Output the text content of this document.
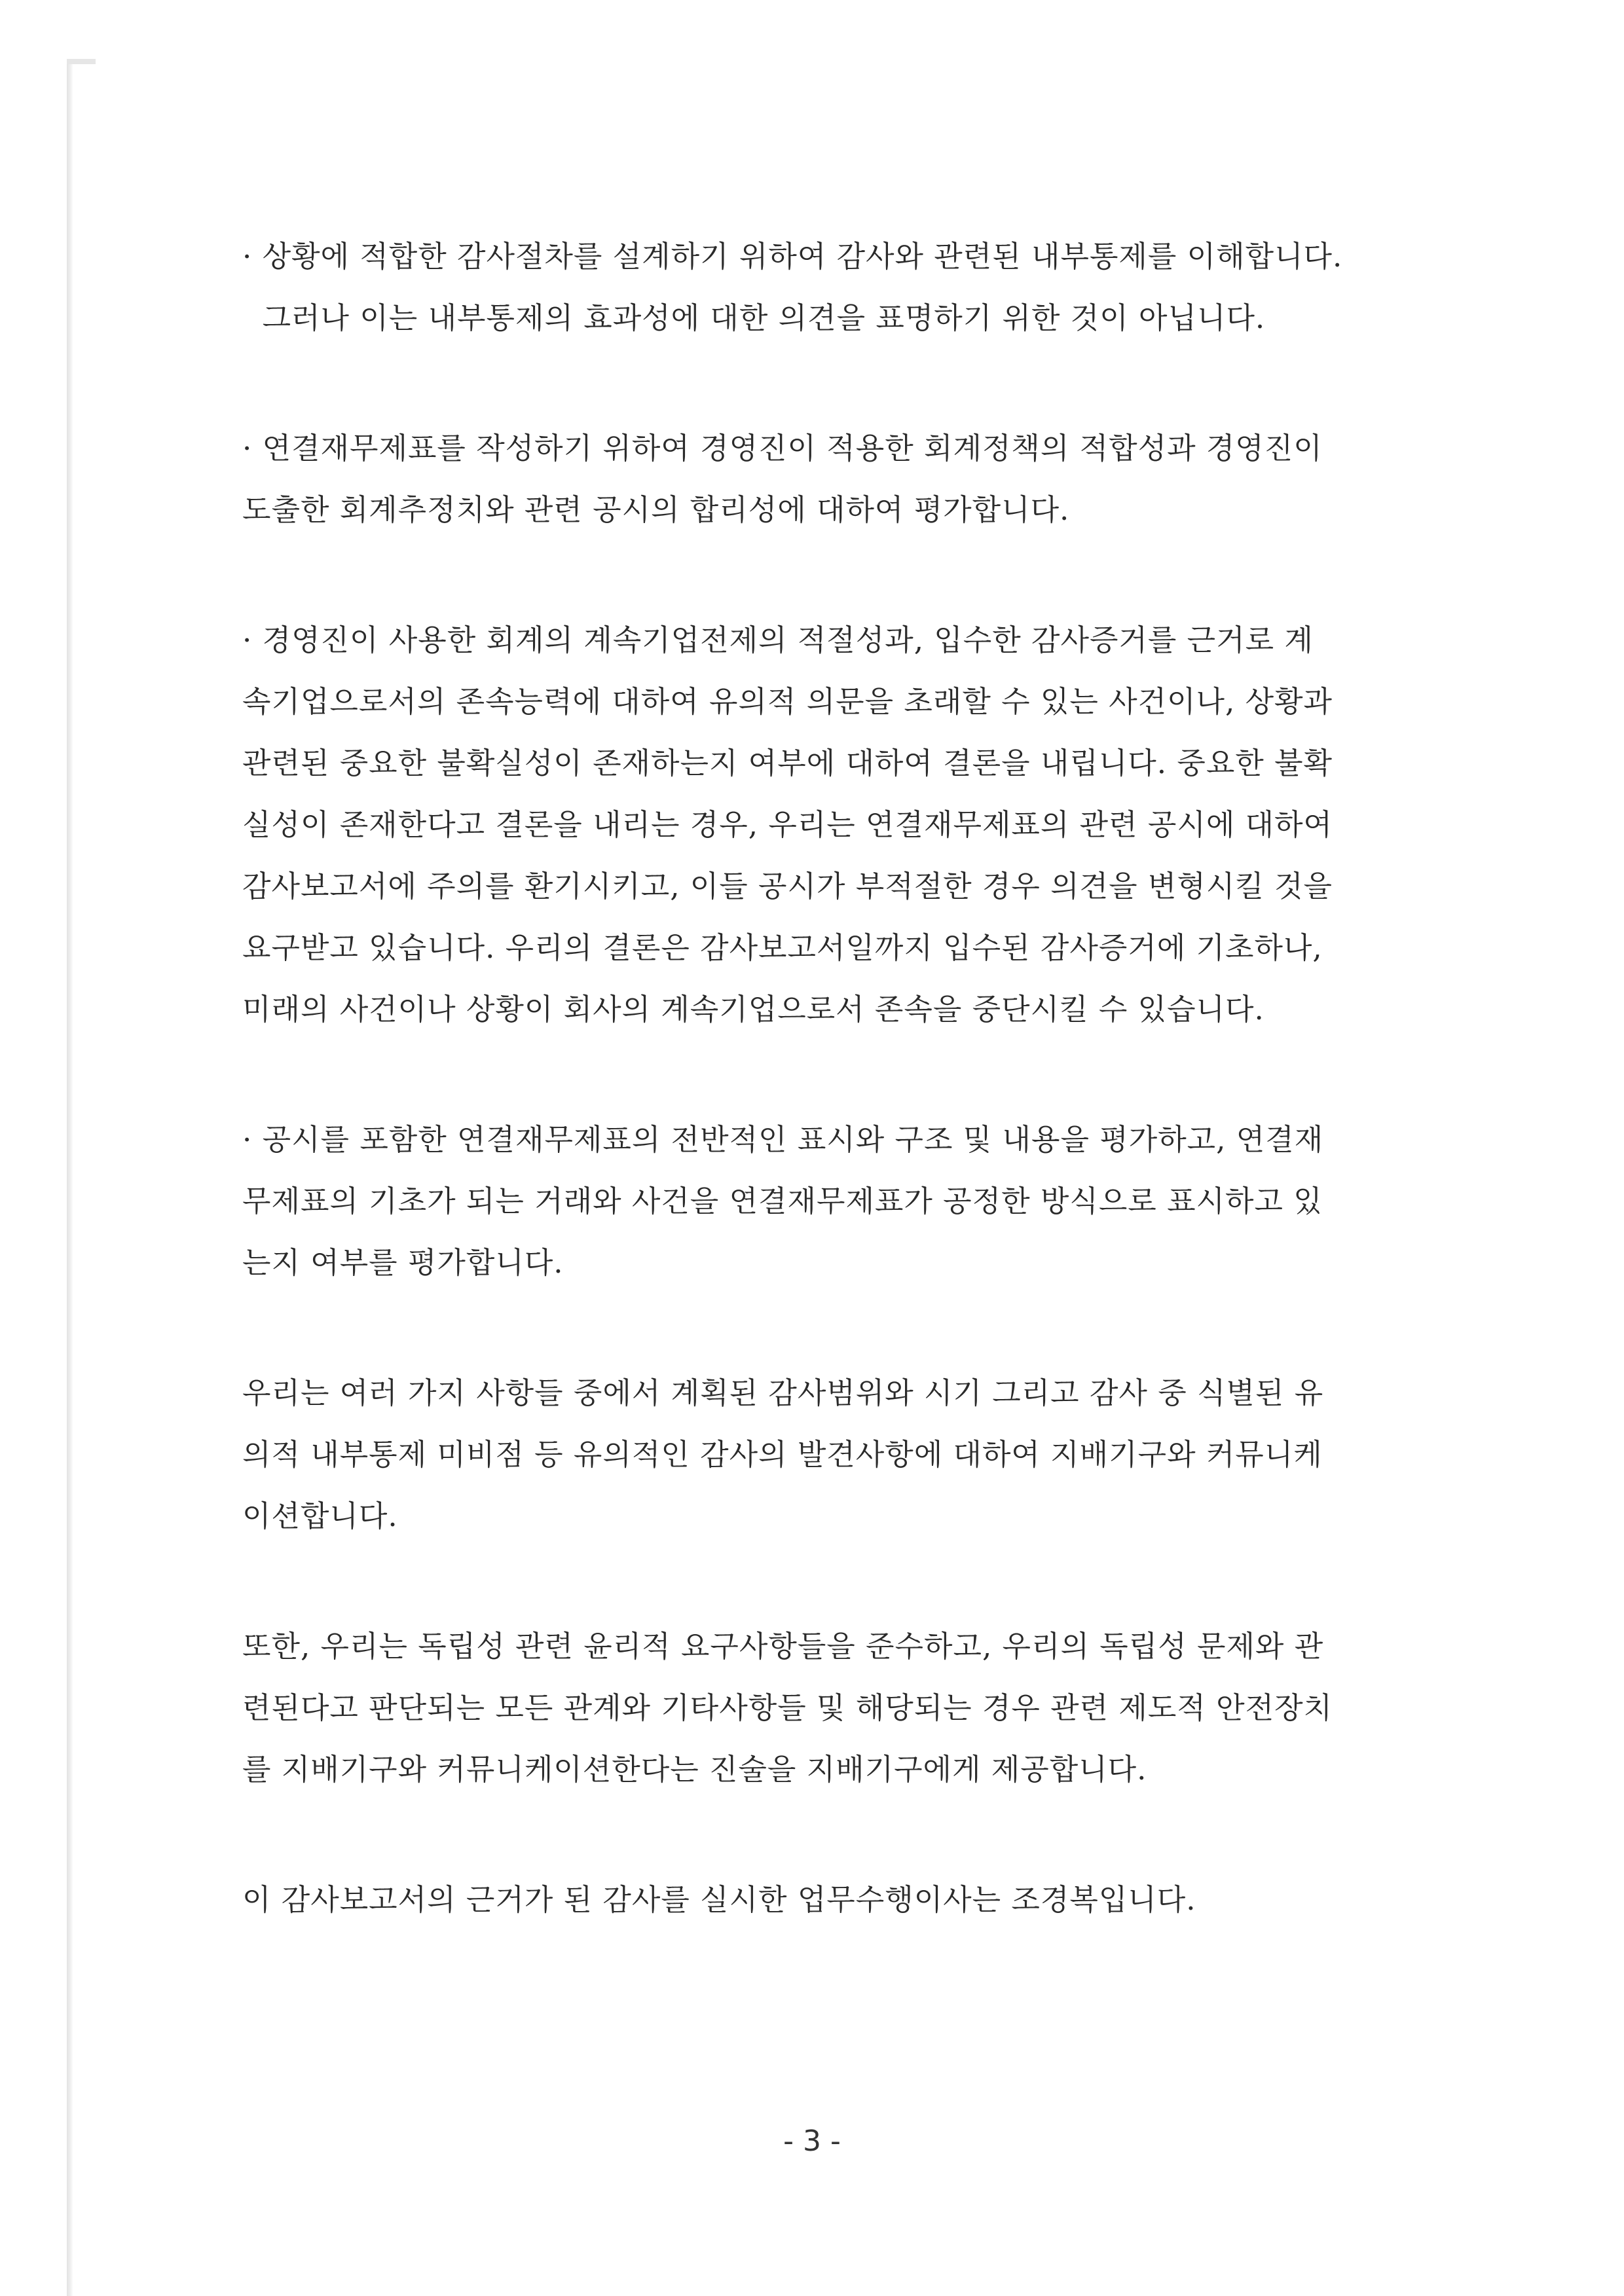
· 상황에 적합한 감사절차를 설계하기 위하여 감사와 관련된 내부통제를 이해합니다.
그러나 이는 내부통제의 효과성에 대한 의견을 표명하기 위한 것이 아닙니다.
· 연결재무제표를 작성하기 위하여 경영진이 적용한 회계정책의 적합성과 경영진이
도출한 회계추정치와 관련 공시의 합리성에 대하여 평가합니다.
· 경영진이 사용한 회계의 계속기업전제의 적절성과, 입수한 감사증거를 근거로 계
속기업으로서의 존속능력에 대하여 유의적 의문을 초래할 수 있는 사건이나, 상황과
관련된 중요한 불확실성이 존재하는지 여부에 대하여 결론을 내립니다. 중요한 불확
실성이 존재한다고 결론을 내리는 경우, 우리는 연결재무제표의 관련 공시에 대하여
감사보고서에 주의를 환기시키고, 이들 공시가 부적절한 경우 의견을 변형시킬 것을
요구받고 있습니다. 우리의 결론은 감사보고서일까지 입수된 감사증거에 기초하나,
미래의 사건이나 상황이 회사의 계속기업으로서 존속을 중단시킬 수 있습니다.
· 공시를 포함한 연결재무제표의 전반적인 표시와 구조 및 내용을 평가하고, 연결재
무제표의 기초가 되는 거래와 사건을 연결재무제표가 공정한 방식으로 표시하고 있
는지 여부를 평가합니다.
우리는 여러 가지 사항들 중에서 계획된 감사범위와 시기 그리고 감사 중 식별된 유
의적 내부통제 미비점 등 유의적인 감사의 발견사항에 대하여 지배기구와 커뮤니케
이션합니다.
또한, 우리는 독립성 관련 윤리적 요구사항들을 준수하고, 우리의 독립성 문제와 관
련된다고 판단되는 모든 관계와 기타사항들 및 해당되는 경우 관련 제도적 안전장치
를 지배기구와 커뮤니케이션한다는 진술을 지배기구에게 제공합니다.
이 감사보고서의 근거가 된 감사를 실시한 업무수행이사는 조경복입니다.
- 3 -
